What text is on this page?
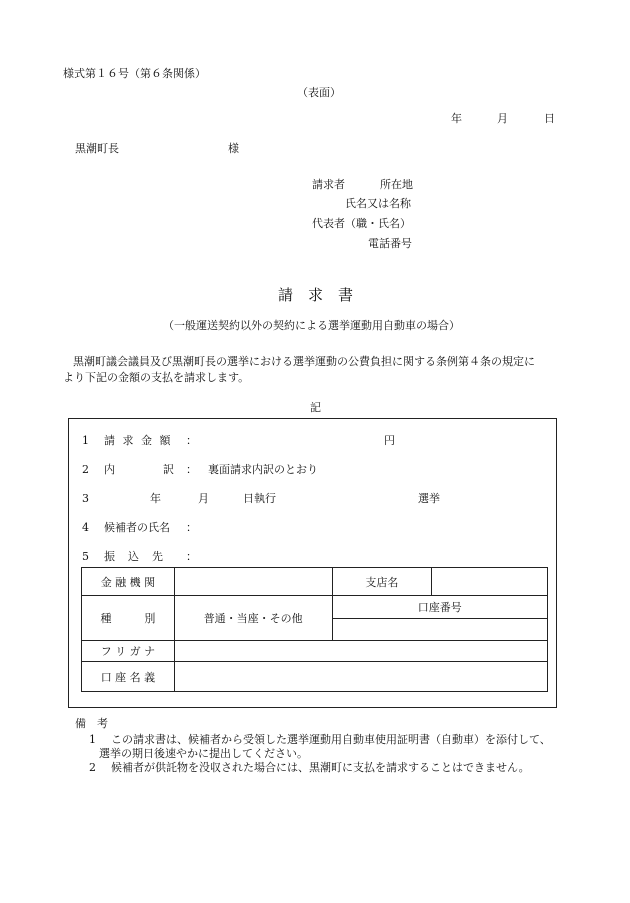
様式第１６号（第６条関係）
（表面）
年	月	日
黒潮町長	様
請求者	所在地
氏名又は名称
代表者（職・氏名）
電話番号
請　求　書
（一般運送契約以外の契約による選挙運動用自動車の場合）
黒潮町議会議員及び黒潮町長の選挙における選挙運動の公費負担に関する条例第４条の規定に
より下記の金額の支払を請求します。
記
1 請 求 金 額 ：	円
2 内	訳 ： 裏面請求内訳のとおり
3	年	月	日執行	選挙
4 候補者の氏名 ：
5 振　込　先 ：
金 融 機 関		支店名	
種　　　別	普通・当座・その他	口座番号	

フ リ ガ ナ			
口 座 名 義			
備　考
1 この請求書は、候補者から受領した選挙運動用自動車使用証明書（自動車）を添付して、
選挙の期日後速やかに提出してください。
2 候補者が供託物を没収された場合には、黒潮町に支払を請求することはできません。
